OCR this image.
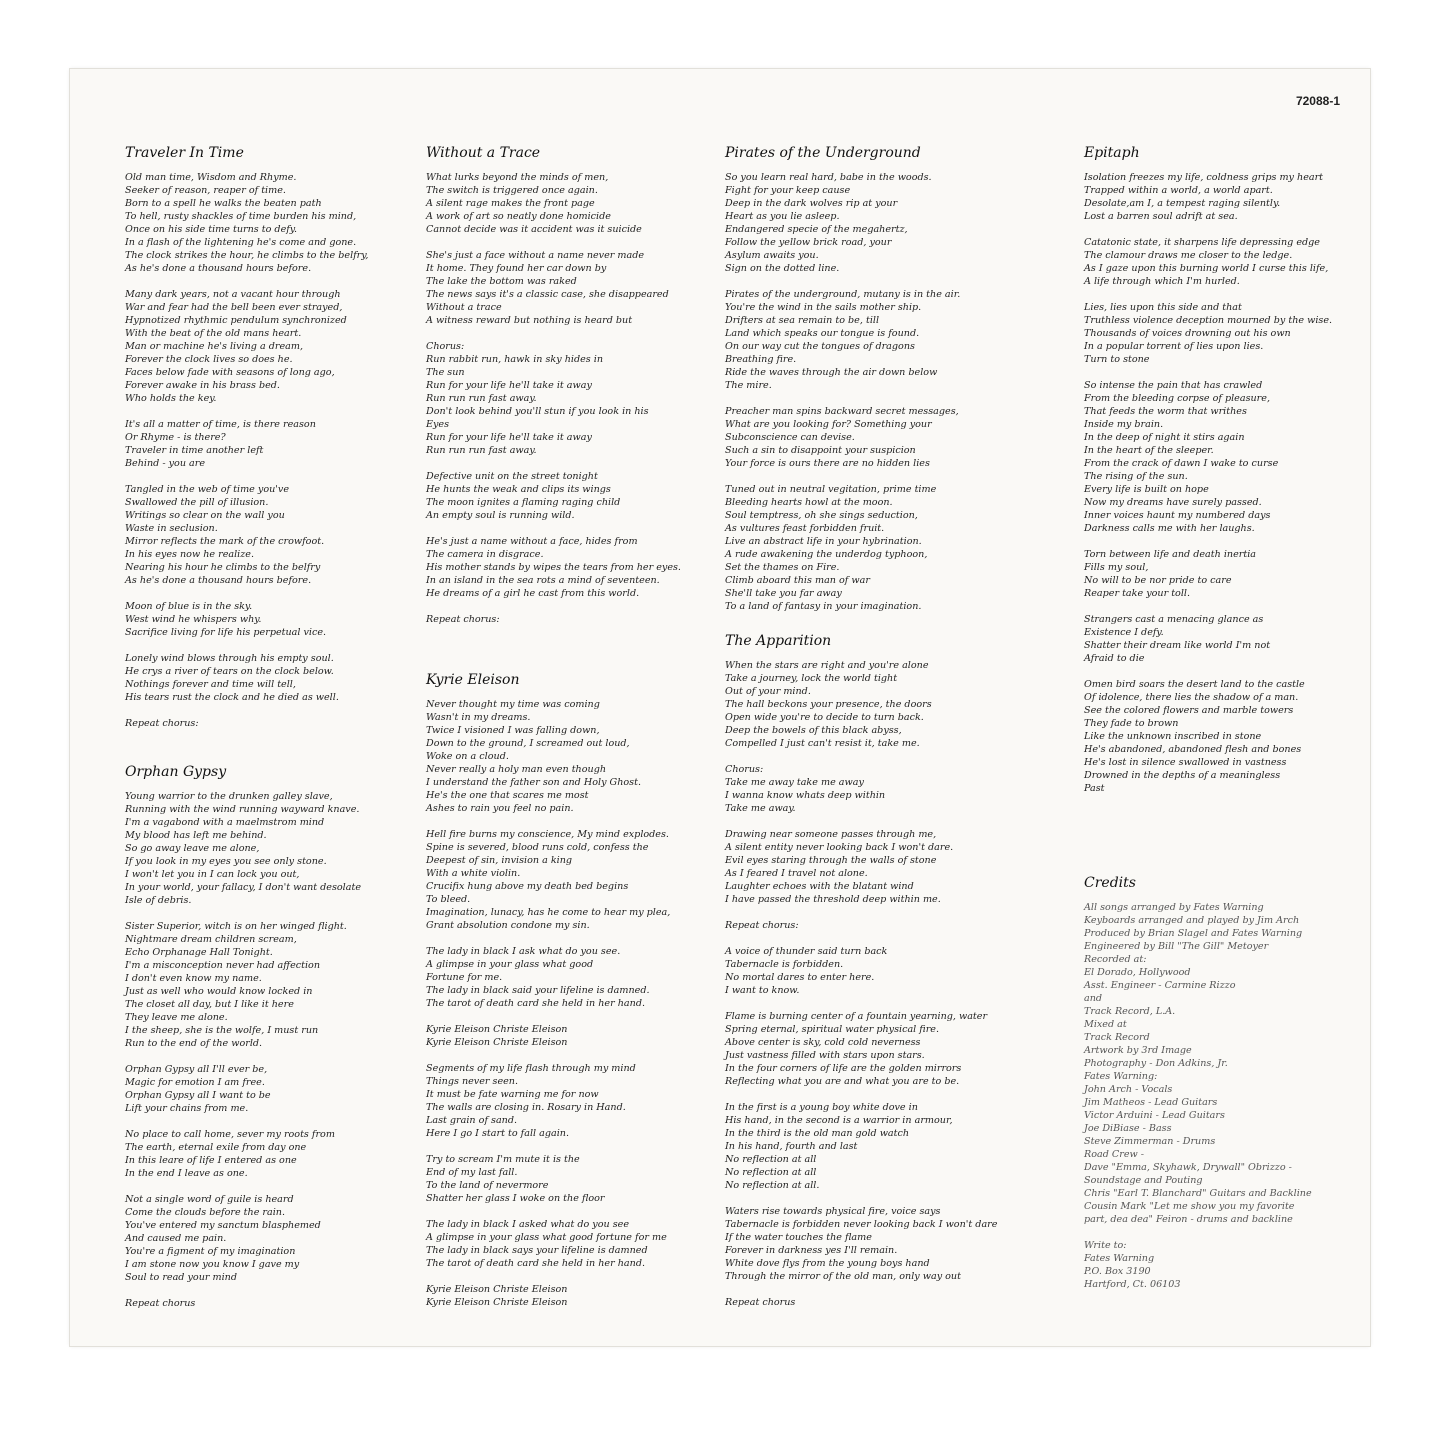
72088-1
Traveler In Time
Old man time, Wisdom and Rhyme.
Seeker of reason, reaper of time.
Born to a spell he walks the beaten path
To hell, rusty shackles of time burden his mind,
Once on his side time turns to defy.
In a flash of the lightening he's come and gone.
The clock strikes the hour, he climbs to the belfry,
As he's done a thousand hours before.
Many dark years, not a vacant hour through
War and fear had the bell been ever strayed,
Hypnotized rhythmic pendulum synchronized
With the beat of the old mans heart.
Man or machine he's living a dream,
Forever the clock lives so does he.
Faces below fade with seasons of long ago,
Forever awake in his brass bed.
Who holds the key.
It's all a matter of time, is there reason
Or Rhyme - is there?
Traveler in time another left
Behind - you are
Tangled in the web of time you've
Swallowed the pill of illusion.
Writings so clear on the wall you
Waste in seclusion.
Mirror reflects the mark of the crowfoot.
In his eyes now he realize.
Nearing his hour he climbs to the belfry
As he's done a thousand hours before.
Moon of blue is in the sky.
West wind he whispers why.
Sacrifice living for life his perpetual vice.
Lonely wind blows through his empty soul.
He crys a river of tears on the clock below.
Nothings forever and time will tell,
His tears rust the clock and he died as well.
Repeat chorus:
Orphan Gypsy
Young warrior to the drunken galley slave,
Running with the wind running wayward knave.
I'm a vagabond with a maelmstrom mind
My blood has left me behind.
So go away leave me alone,
If you look in my eyes you see only stone.
I won't let you in I can lock you out,
In your world, your fallacy, I don't want desolate
Isle of debris.
Sister Superior, witch is on her winged flight.
Nightmare dream children scream,
Echo Orphanage Hall Tonight.
I'm a misconception never had affection
I don't even know my name.
Just as well who would know locked in
The closet all day, but I like it here
They leave me alone.
I the sheep, she is the wolfe, I must run
Run to the end of the world.
Orphan Gypsy all I'll ever be,
Magic for emotion I am free.
Orphan Gypsy all I want to be
Lift your chains from me.
No place to call home, sever my roots from
The earth, eternal exile from day one
In this leare of life I entered as one
In the end I leave as one.
Not a single word of guile is heard
Come the clouds before the rain.
You've entered my sanctum blasphemed
And caused me pain.
You're a figment of my imagination
I am stone now you know I gave my
Soul to read your mind
Repeat chorus
Without a Trace
What lurks beyond the minds of men,
The switch is triggered once again.
A silent rage makes the front page
A work of art so neatly done homicide
Cannot decide was it accident was it suicide
She's just a face without a name never made
It home. They found her car down by
The lake the bottom was raked
The news says it's a classic case, she disappeared
Without a trace
A witness reward but nothing is heard but
Chorus:
Run rabbit run, hawk in sky hides in
The sun
Run for your life he'll take it away
Run run run fast away.
Don't look behind you'll stun if you look in his
Eyes
Run for your life he'll take it away
Run run run fast away.
Defective unit on the street tonight
He hunts the weak and clips its wings
The moon ignites a flaming raging child
An empty soul is running wild.
He's just a name without a face, hides from
The camera in disgrace.
His mother stands by wipes the tears from her eyes.
In an island in the sea rots a mind of seventeen.
He dreams of a girl he cast from this world.
Repeat chorus:
Kyrie Eleison
Never thought my time was coming
Wasn't in my dreams.
Twice I visioned I was falling down,
Down to the ground, I screamed out loud,
Woke on a cloud.
Never really a holy man even though
I understand the father son and Holy Ghost.
He's the one that scares me most
Ashes to rain you feel no pain.
Hell fire burns my conscience, My mind explodes.
Spine is severed, blood runs cold, confess the
Deepest of sin, invision a king
With a white violin.
Crucifix hung above my death bed begins
To bleed.
Imagination, lunacy, has he come to hear my plea,
Grant absolution condone my sin.
The lady in black I ask what do you see.
A glimpse in your glass what good
Fortune for me.
The lady in black said your lifeline is damned.
The tarot of death card she held in her hand.
Kyrie Eleison Christe Eleison
Kyrie Eleison Christe Eleison
Segments of my life flash through my mind
Things never seen.
It must be fate warning me for now
The walls are closing in. Rosary in Hand.
Last grain of sand.
Here I go I start to fall again.
Try to scream I'm mute it is the
End of my last fall.
To the land of nevermore
Shatter her glass I woke on the floor
The lady in black I asked what do you see
A glimpse in your glass what good fortune for me
The lady in black says your lifeline is damned
The tarot of death card she held in her hand.
Kyrie Eleison Christe Eleison
Kyrie Eleison Christe Eleison
Pirates of the Underground
So you learn real hard, babe in the woods.
Fight for your keep cause
Deep in the dark wolves rip at your
Heart as you lie asleep.
Endangered specie of the megahertz,
Follow the yellow brick road, your
Asylum awaits you.
Sign on the dotted line.
Pirates of the underground, mutany is in the air.
You're the wind in the sails mother ship.
Drifters at sea remain to be, till
Land which speaks our tongue is found.
On our way cut the tongues of dragons
Breathing fire.
Ride the waves through the air down below
The mire.
Preacher man spins backward secret messages,
What are you looking for? Something your
Subconscience can devise.
Such a sin to disappoint your suspicion
Your force is ours there are no hidden lies
Tuned out in neutral vegitation, prime time
Bleeding hearts howl at the moon.
Soul temptress, oh she sings seduction,
As vultures feast forbidden fruit.
Live an abstract life in your hybrination.
A rude awakening the underdog typhoon,
Set the thames on Fire.
Climb aboard this man of war
She'll take you far away
To a land of fantasy in your imagination.
The Apparition
When the stars are right and you're alone
Take a journey, lock the world tight
Out of your mind.
The hall beckons your presence, the doors
Open wide you're to decide to turn back.
Deep the bowels of this black abyss,
Compelled I just can't resist it, take me.
Chorus:
Take me away take me away
I wanna know whats deep within
Take me away.
Drawing near someone passes through me,
A silent entity never looking back I won't dare.
Evil eyes staring through the walls of stone
As I feared I travel not alone.
Laughter echoes with the blatant wind
I have passed the threshold deep within me.
Repeat chorus:
A voice of thunder said turn back
Tabernacle is forbidden.
No mortal dares to enter here.
I want to know.
Flame is burning center of a fountain yearning, water
Spring eternal, spiritual water physical fire.
Above center is sky, cold cold neverness
Just vastness filled with stars upon stars.
In the four corners of life are the golden mirrors
Reflecting what you are and what you are to be.
In the first is a young boy white dove in
His hand, in the second is a warrior in armour,
In the third is the old man gold watch
In his hand, fourth and last
No reflection at all
No reflection at all
No reflection at all.
Waters rise towards physical fire, voice says
Tabernacle is forbidden never looking back I won't dare
If the water touches the flame
Forever in darkness yes I'll remain.
White dove flys from the young boys hand
Through the mirror of the old man, only way out
Repeat chorus
Epitaph
Isolation freezes my life, coldness grips my heart
Trapped within a world, a world apart.
Desolate,am I, a tempest raging silently.
Lost a barren soul adrift at sea.
Catatonic state, it sharpens life depressing edge
The clamour draws me closer to the ledge.
As I gaze upon this burning world I curse this life,
A life through which I'm hurled.
Lies, lies upon this side and that
Truthless violence deception mourned by the wise.
Thousands of voices drowning out his own
In a popular torrent of lies upon lies.
Turn to stone
So intense the pain that has crawled
From the bleeding corpse of pleasure,
That feeds the worm that writhes
Inside my brain.
In the deep of night it stirs again
In the heart of the sleeper.
From the crack of dawn I wake to curse
The rising of the sun.
Every life is built on hope
Now my dreams have surely passed.
Inner voices haunt my numbered days
Darkness calls me with her laughs.
Torn between life and death inertia
Fills my soul,
No will to be nor pride to care
Reaper take your toll.
Strangers cast a menacing glance as
Existence I defy.
Shatter their dream like world I'm not
Afraid to die
Omen bird soars the desert land to the castle
Of idolence, there lies the shadow of a man.
See the colored flowers and marble towers
They fade to brown
Like the unknown inscribed in stone
He's abandoned, abandoned flesh and bones
He's lost in silence swallowed in vastness
Drowned in the depths of a meaningless
Past
Credits
All songs arranged by Fates Warning
Keyboards arranged and played by Jim Arch
Produced by Brian Slagel and Fates Warning
Engineered by Bill "The Gill" Metoyer
Recorded at:
El Dorado, Hollywood
Asst. Engineer - Carmine Rizzo
and
Track Record, L.A.
Mixed at
Track Record
Artwork by 3rd Image
Photography - Don Adkins, Jr.
Fates Warning:
John Arch - Vocals
Jim Matheos - Lead Guitars
Victor Arduini - Lead Guitars
Joe DiBiase - Bass
Steve Zimmerman - Drums
Road Crew -
Dave "Emma, Skyhawk, Drywall" Obrizzo -
Soundstage and Pouting
Chris "Earl T. Blanchard" Guitars and Backline
Cousin Mark "Let me show you my favorite
part, dea dea" Feiron - drums and backline
Write to:
Fates Warning
P.O. Box 3190
Hartford, Ct. 06103
